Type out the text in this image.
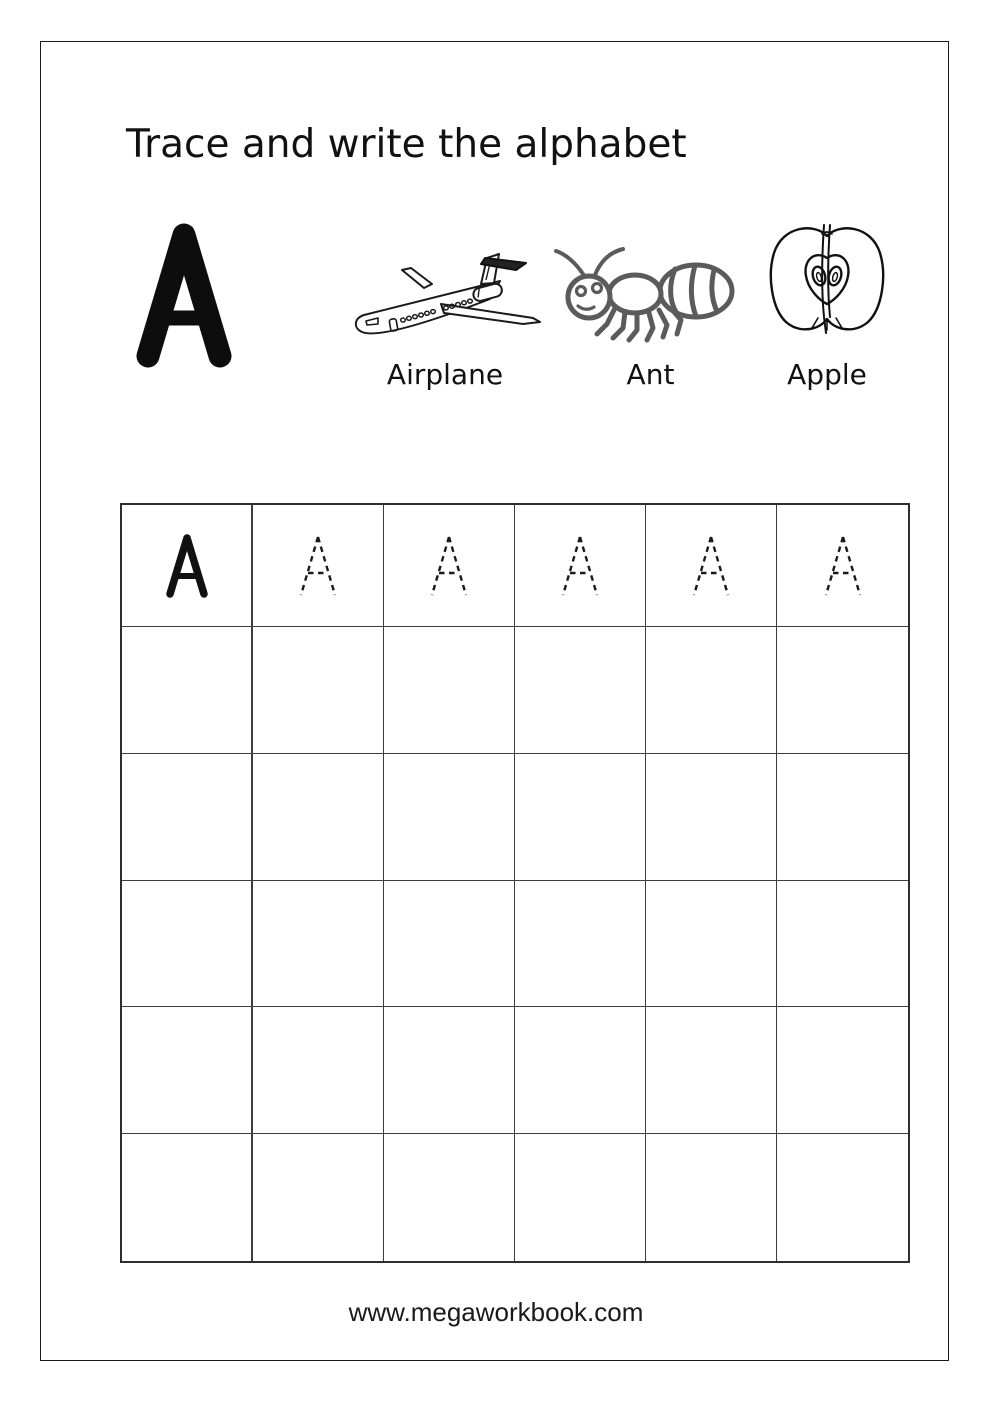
Trace and write the alphabet
Airplane	Ant	Apple
www.megaworkbook.com
